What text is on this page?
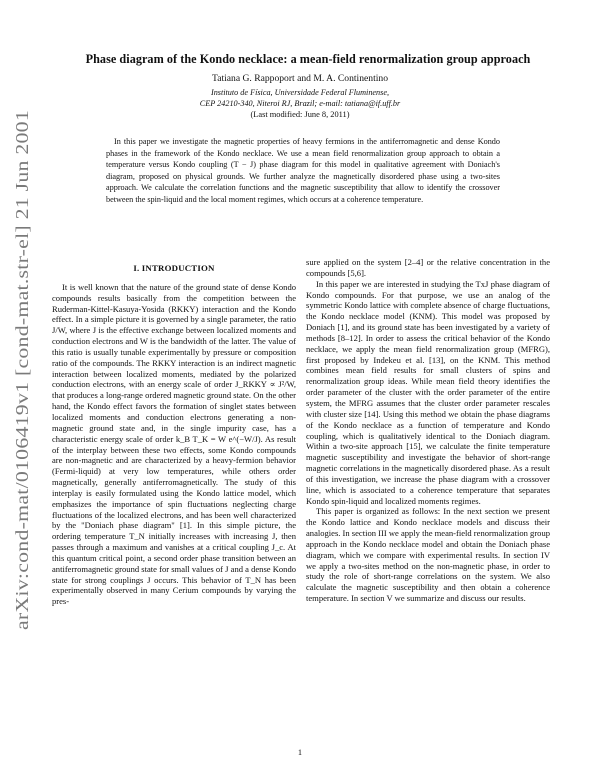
arXiv:cond-mat/0106419v1 [cond-mat.str-el] 21 Jun 2001
Phase diagram of the Kondo necklace: a mean-field renormalization group approach
Tatiana G. Rappoport and M. A. Continentino
Instituto de Física, Universidade Federal Fluminense,
CEP 24210-340, Niteroi RJ, Brazil; e-mail: tatiana@if.uff.br
(Last modified: June 8, 2011)
In this paper we investigate the magnetic properties of heavy fermions in the antiferromagnetic and dense Kondo phases in the framework of the Kondo necklace. We use a mean field renormalization group approach to obtain a temperature versus Kondo coupling (T − J) phase diagram for this model in qualitative agreement with Doniach's diagram, proposed on physical grounds. We further analyze the magnetically disordered phase using a two-sites approach. We calculate the correlation functions and the magnetic susceptibility that allow to identify the crossover between the spin-liquid and the local moment regimes, which occurs at a coherence temperature.
I. INTRODUCTION

It is well known that the nature of the ground state of dense Kondo compounds results basically from the competition between the Ruderman-Kittel-Kasuya-Yosida (RKKY) interaction and the Kondo effect. In a simple picture it is governed by a single parameter, the ratio J/W, where J is the effective exchange between localized moments and conduction electrons and W is the bandwidth of the latter. The value of this ratio is usually tunable experimentally by pressure or composition ratio of the compounds. The RKKY interaction is an indirect magnetic interaction between localized moments, mediated by the polarized conduction electrons, with an energy scale of order J_RKKY ∝ J²/W, that produces a long-range ordered magnetic ground state. On the other hand, the Kondo effect favors the formation of singlet states between localized moments and conduction electrons generating a non-magnetic ground state and, in the single impurity case, has a characteristic energy scale of order k_B T_K = W e^(−W/J). As result of the interplay between these two effects, some Kondo compounds are non-magnetic and are characterized by a heavy-fermion behavior (Fermi-liquid) at very low temperatures, while others order magnetically, generally antiferromagnetically. The study of this interplay is easily formulated using the Kondo lattice model, which emphasizes the importance of spin fluctuations neglecting charge fluctuations of the localized electrons, and has been well characterized by the "Doniach phase diagram" [1]. In this simple picture, the ordering temperature T_N initially increases with increasing J, then passes through a maximum and vanishes at a critical coupling J_c. At this quantum critical point, a second order phase transition between an antiferromagnetic ground state for small values of J and a dense Kondo state for strong couplings J occurs. This behavior of T_N has been experimentally observed in many Cerium compounds by varying the pres-

sure applied on the system [2–4] or the relative concentration in the compounds [5,6].

In this paper we are interested in studying the TxJ phase diagram of Kondo compounds. For that purpose, we use an analog of the symmetric Kondo lattice with complete absence of charge fluctuations, the Kondo necklace model (KNM). This model was proposed by Doniach [1], and its ground state has been investigated by a variety of methods [8–12]. In order to assess the critical behavior of the Kondo necklace, we apply the mean field renormalization group (MFRG), first proposed by Indekeu et al. [13], on the KNM. This method combines mean field results for small clusters of spins and renormalization group ideas. While mean field theory identifies the order parameter of the cluster with the order parameter of the entire system, the MFRG assumes that the cluster order parameter rescales with cluster size [14]. Using this method we obtain the phase diagrams of the Kondo necklace as a function of temperature and Kondo coupling, which is qualitatively identical to the Doniach diagram. Within a two-site approach [15], we calculate the finite temperature magnetic susceptibility and investigate the behavior of short-range magnetic correlations in the magnetically disordered phase. As a result of this investigation, we increase the phase diagram with a crossover line, which is associated to a coherence temperature that separates Kondo spin-liquid and localized moments regimes.

This paper is organized as follows: In the next section we present the Kondo lattice and Kondo necklace models and discuss their analogies. In section III we apply the mean-field renormalization group approach in the Kondo necklace model and obtain the Doniach phase diagram, which we compare with experimental results. In section IV we apply a two-sites method on the non-magnetic phase, in order to study the role of short-range correlations on the system. We also calculate the magnetic susceptibility and then obtain a coherence temperature. In section V we summarize and discuss our results.

1
